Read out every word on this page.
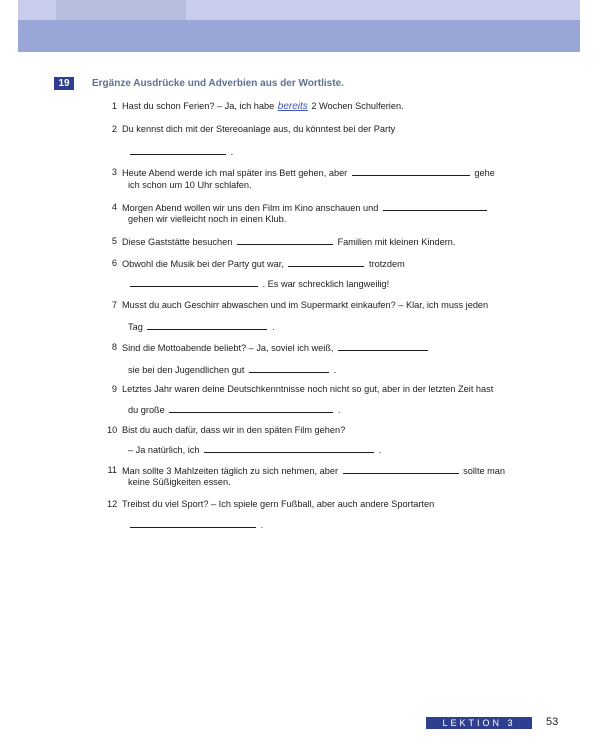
19	Ergänze Ausdrücke und Adverbien aus der Wortliste.
1 Hast du schon Ferien? – Ja, ich habe bereits 2 Wochen Schulferien.
2 Du kennst dich mit der Stereoanlage aus, du könntest bei der Party
.
3 Heute Abend werde ich mal später ins Bett gehen, aber	gehe
ich schon um 10 Uhr schlafen.
4 Morgen Abend wollen wir uns den Film im Kino anschauen und
gehen wir vielleicht noch in einen Klub.
5 Diese Gaststätte besuchen	Familien mit kleinen Kindern.
6 Obwohl die Musik bei der Party gut war,	trotzdem
. Es war schrecklich langweilig!
7 Musst du auch Geschirr abwaschen und im Supermarkt einkaufen? – Klar, ich muss jeden
Tag	.
8 Sind die Mottoabende beliebt? – Ja, soviel ich weiß,
sie bei den Jugendlichen gut	.
9 Letztes Jahr waren deine Deutschkenntnisse noch nicht so gut, aber in der letzten Zeit hast
du große	.
10 Bist du auch dafür, dass wir in den späten Film gehen?
– Ja natürlich, ich	.
11 Man sollte 3 Mahlzeiten täglich zu sich nehmen, aber	sollte man
keine Süßigkeiten essen.
12 Treibst du viel Sport? – Ich spiele gern Fußball, aber auch andere Sportarten
.
LEKTION 3	53
